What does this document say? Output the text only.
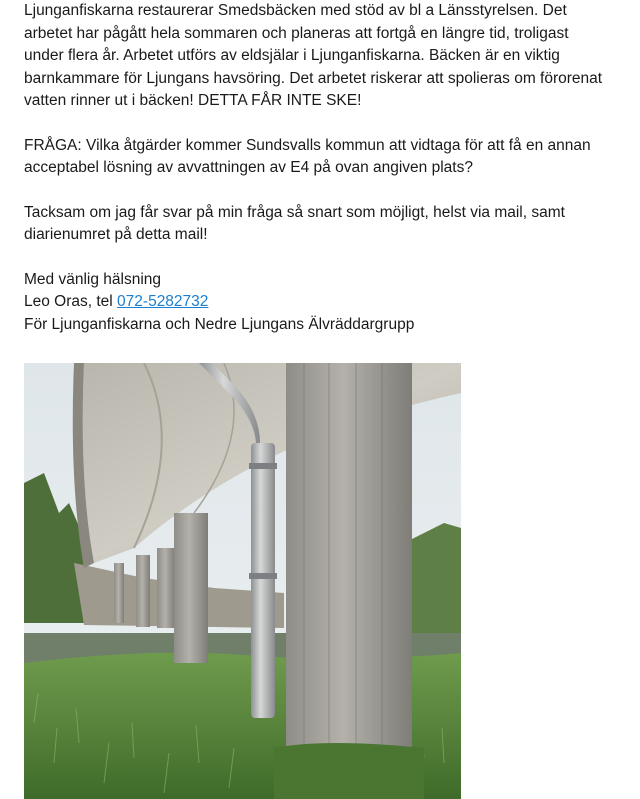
Ljunganfiskarna restaurerar Smedsbäcken med stöd av bl a Länsstyrelsen. Det
arbetet har pågått hela sommaren och planeras att fortgå en längre tid, troligast
under flera år. Arbetet utförs av eldsjälar i Ljunganfiskarna. Bäcken är en viktig
barnkammare för Ljungans havsöring. Det arbetet riskerar att spolieras om förorenat
vatten rinner ut i bäcken! DETTA FÅR INTE SKE!

FRÅGA: Vilka åtgärder kommer Sundsvalls kommun att vidtaga för att få en annan
acceptabel lösning av avvattningen av E4 på ovan angiven plats?

Tacksam om jag får svar på min fråga så snart som möjligt, helst via mail, samt
diarienumret på detta mail!

Med vänlig hälsning
Leo Oras, tel 072-5282732
För Ljunganfiskarna och Nedre Ljungans Älvräddargrupp
